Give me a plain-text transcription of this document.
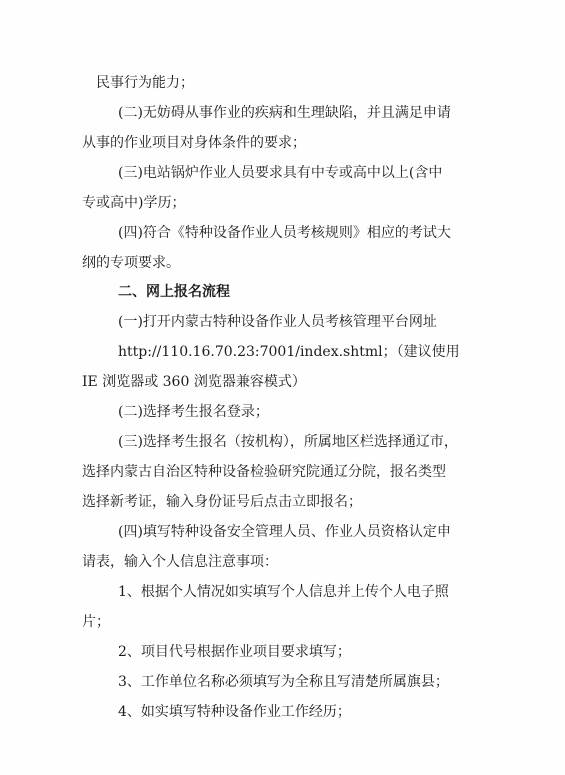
民事行为能力；
(二)无妨碍从事作业的疾病和生理缺陷，并且满足申请
从事的作业项目对身体条件的要求；
(三)电站锅炉作业人员要求具有中专或高中以上(含中
专或高中)学历；
(四)符合《特种设备作业人员考核规则》相应的考试大
纲的专项要求。
二、网上报名流程
(一)打开内蒙古特种设备作业人员考核管理平台网址
http://110.16.70.23:7001/index.shtml；（建议使用
IE 浏览器或 360 浏览器兼容模式）
(二)选择考生报名登录；
(三)选择考生报名（按机构），所属地区栏选择通辽市，
选择内蒙古自治区特种设备检验研究院通辽分院，报名类型
选择新考证，输入身份证号后点击立即报名；
(四)填写特种设备安全管理人员、作业人员资格认定申
请表，输入个人信息注意事项：
1、根据个人情况如实填写个人信息并上传个人电子照
片；
2、项目代号根据作业项目要求填写；
3、工作单位名称必须填写为全称且写清楚所属旗县；
4、如实填写特种设备作业工作经历；
